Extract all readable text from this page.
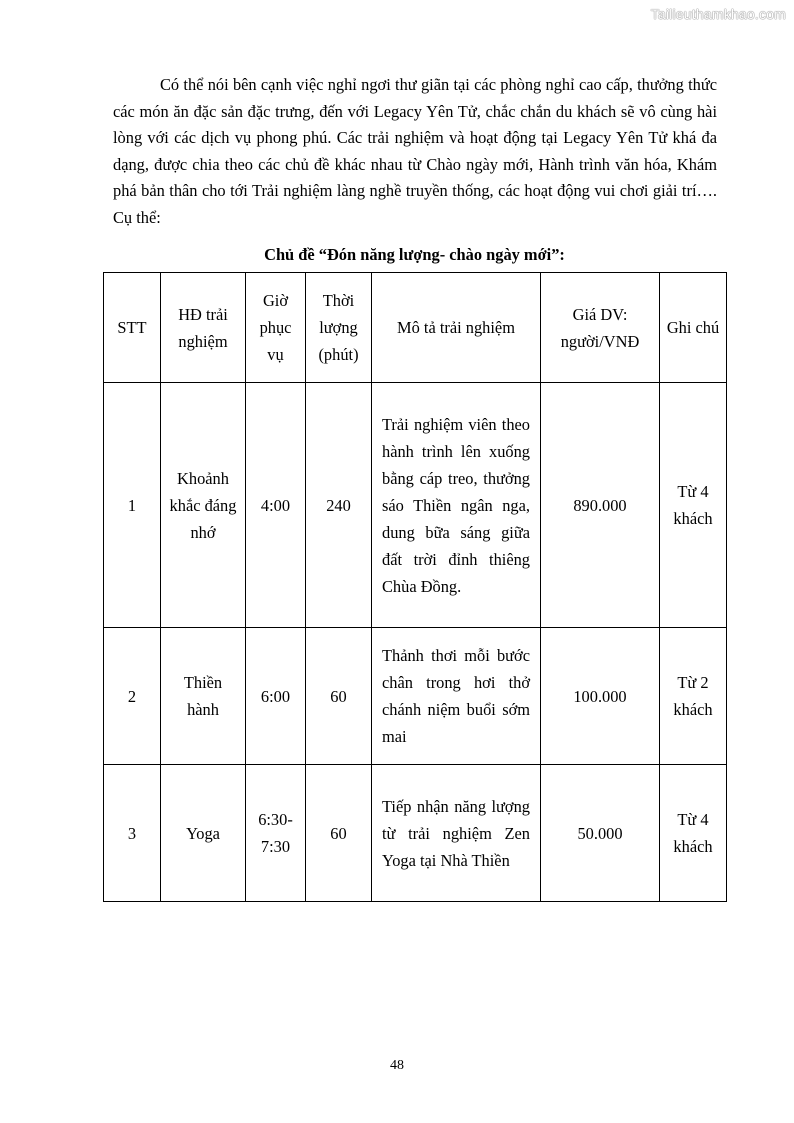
Tailieuthamkhao.com

Có thể nói bên cạnh việc nghỉ ngơi thư giãn tại các phòng nghỉ cao cấp, thưởng thức các món ăn đặc sản đặc trưng, đến với Legacy Yên Tử, chắc chắn du khách sẽ vô cùng hài lòng với các dịch vụ phong phú. Các trải nghiệm và hoạt động tại Legacy Yên Tử khá đa dạng, được chia theo các chủ đề khác nhau từ Chào ngày mới, Hành trình văn hóa, Khám phá bản thân cho tới Trải nghiệm làng nghề truyền thống, các hoạt động vui chơi giải trí…. Cụ thể:

Chủ đề “Đón năng lượng- chào ngày mới”:

STT	HĐ trải nghiệm	Giờ phục vụ	Thời lượng (phút)	Mô tả trải nghiệm	Giá DV: người/VNĐ	Ghi chú
1	Khoảnh khắc đáng nhớ	4:00	240	Trải nghiệm viên theo hành trình lên xuống bằng cáp treo, thưởng sáo Thiền ngân nga, dung bữa sáng giữa đất trời đỉnh thiêng Chùa Đồng.	890.000	Từ 4 khách
2	Thiền hành	6:00	60	Thảnh thơi mỗi bước chân trong hơi thở chánh niệm buổi sớm mai	100.000	Từ 2 khách
3	Yoga	6:30-7:30	60	Tiếp nhận năng lượng từ trải nghiệm Zen Yoga tại Nhà Thiền	50.000	Từ 4 khách
48
